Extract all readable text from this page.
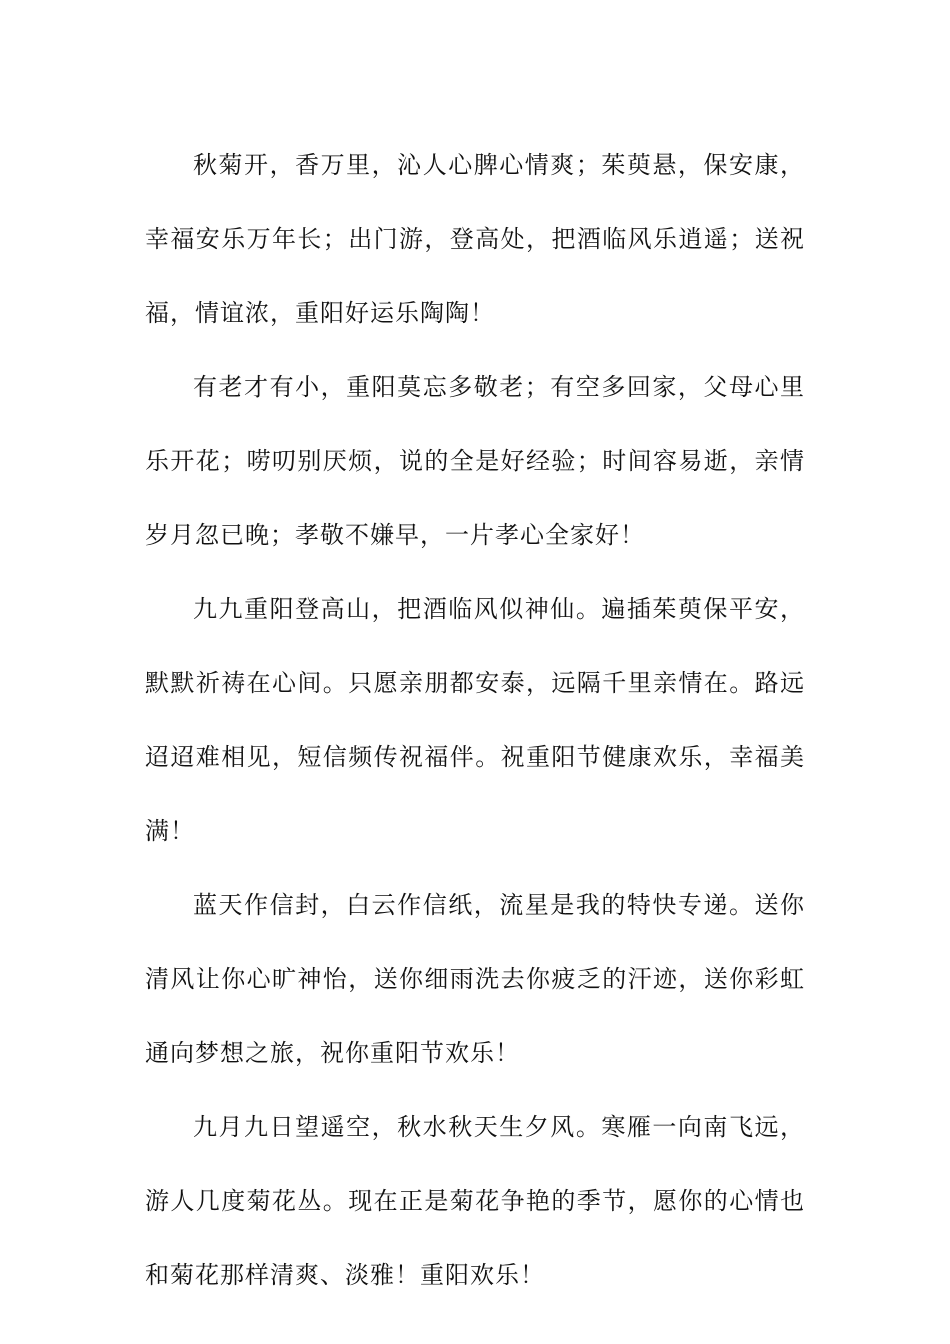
秋菊开，香万里，沁人心脾心情爽；茱萸悬，保安康，幸福安乐万年长；出门游，登高处，把酒临风乐逍遥；送祝福，情谊浓，重阳好运乐陶陶！

有老才有小，重阳莫忘多敬老；有空多回家，父母心里乐开花；唠叨别厌烦，说的全是好经验；时间容易逝，亲情岁月忽已晚；孝敬不嫌早，一片孝心全家好！

九九重阳登高山，把酒临风似神仙。遍插茱萸保平安，默默祈祷在心间。只愿亲朋都安泰，远隔千里亲情在。路远迢迢难相见，短信频传祝福伴。祝重阳节健康欢乐，幸福美满！

蓝天作信封，白云作信纸，流星是我的特快专递。送你清风让你心旷神怡，送你细雨洗去你疲乏的汗迹，送你彩虹通向梦想之旅，祝你重阳节欢乐！

九月九日望遥空，秋水秋天生夕风。寒雁一向南飞远，游人几度菊花丛。现在正是菊花争艳的季节，愿你的心情也和菊花那样清爽、淡雅！重阳欢乐！
